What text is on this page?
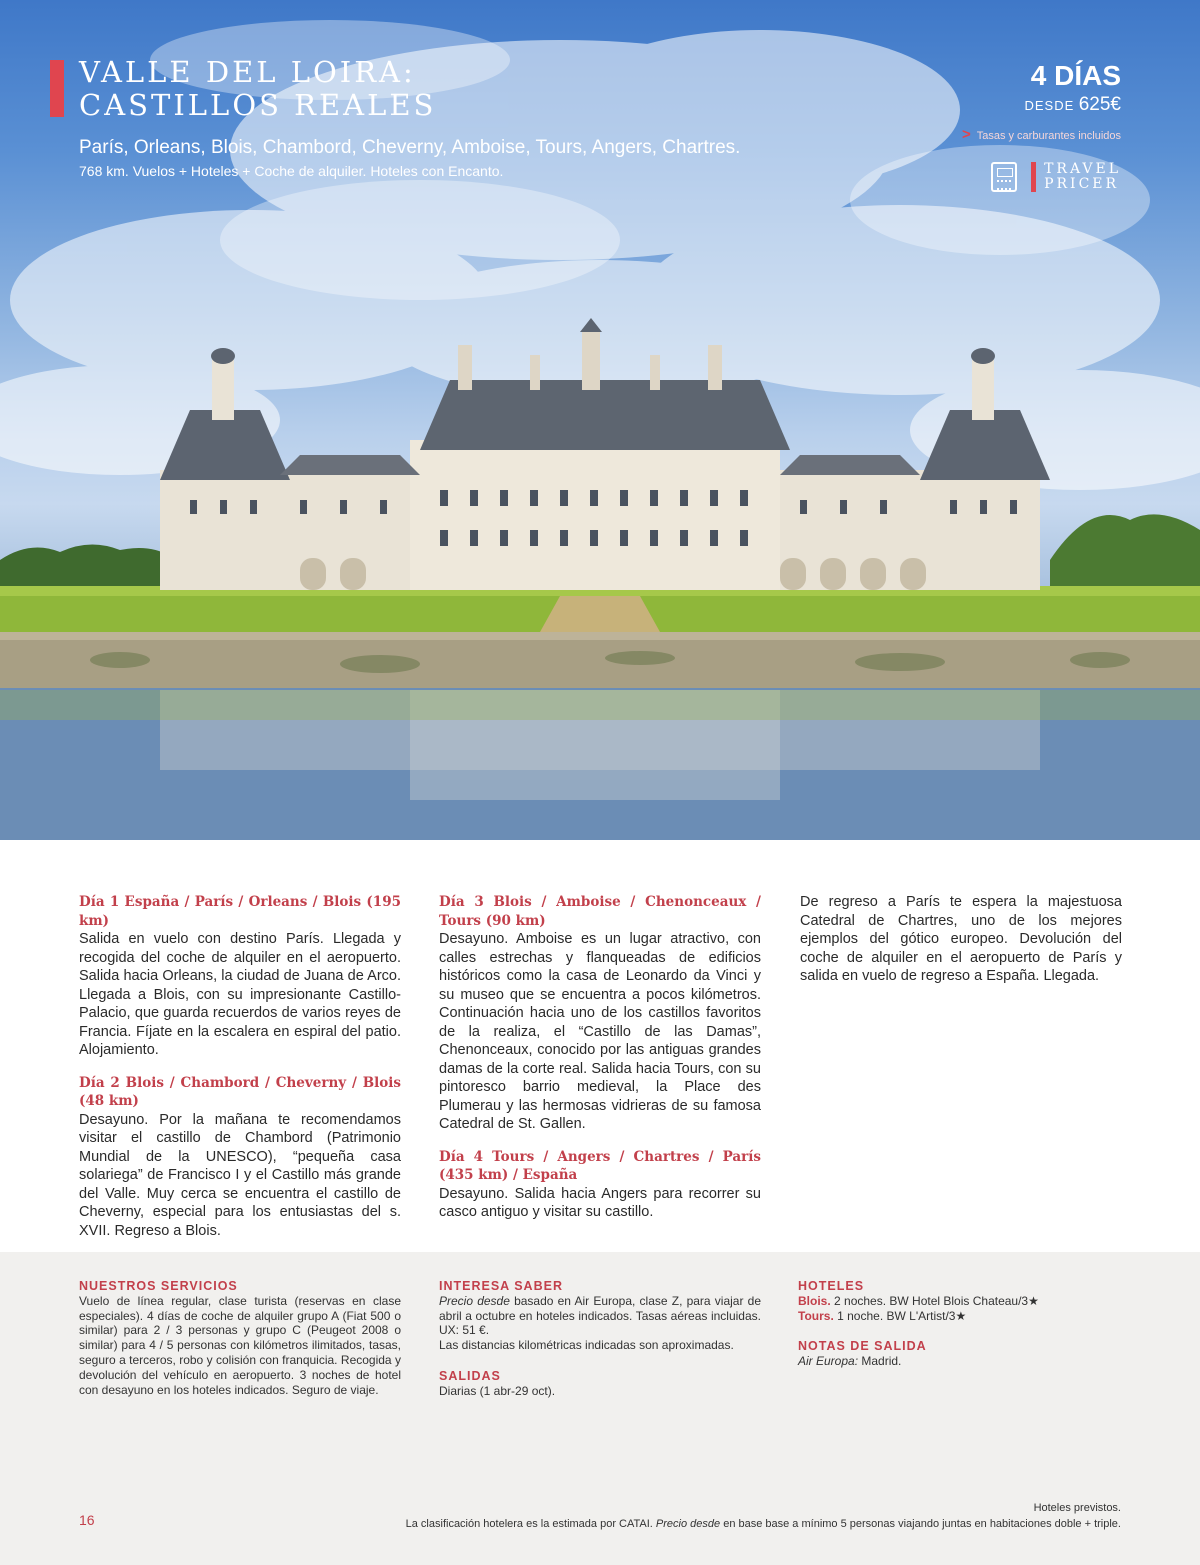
VALLE DEL LOIRA:
CASTILLOS REALES
París, Orleans, Blois, Chambord, Cheverny, Amboise, Tours, Angers, Chartres.
768 km. Vuelos + Hoteles + Coche de alquiler. Hoteles con Encanto.
4 DÍAS
DESDE 625€
> Tasas y carburantes incluidos
TRAVEL
PRICER
Día 1 España / París / Orleans / Blois (195 km)

Salida en vuelo con destino París. Llegada y recogida del coche de alquiler en el aeropuerto. Salida hacia Orleans, la ciudad de Juana de Arco. Llegada a Blois, con su impresionante Castillo-Palacio, que guarda recuerdos de varios reyes de Francia. Fíjate en la escalera en espiral del patio. Alojamiento.

Día 2 Blois / Chambord / Cheverny / Blois (48 km)

Desayuno. Por la mañana te recomendamos visitar el castillo de Chambord (Patrimonio Mundial de la UNESCO), “pequeña casa solariega” de Francisco I y el Castillo más grande del Valle. Muy cerca se encuentra el castillo de Cheverny, especial para los entusiastas del s. XVII. Regreso a Blois.

Día 3 Blois / Amboise / Chenonceaux / Tours (90 km)

Desayuno. Amboise es un lugar atractivo, con calles estrechas y flanqueadas de edificios históricos como la casa de Leonardo da Vinci y su museo que se encuentra a pocos kilómetros. Continuación hacia uno de los castillos favoritos de la realiza, el “Castillo de las Damas”, Chenonceaux, conocido por las antiguas grandes damas de la corte real. Salida hacia Tours, con su pintoresco barrio medieval, la Place des Plumerau y las hermosas vidrieras de su famosa Catedral de St. Gallen.

Día 4 Tours / Angers / Chartres / París (435 km) / España

Desayuno. Salida hacia Angers para recorrer su casco antiguo y visitar su castillo.

De regreso a París te espera la majestuosa Catedral de Chartres, uno de los mejores ejemplos del gótico europeo. Devolución del coche de alquiler en el aeropuerto de París y salida en vuelo de regreso a España. Llegada.

NUESTROS SERVICIOS

Vuelo de línea regular, clase turista (reservas en clase especiales). 4 días de coche de alquiler grupo A (Fiat 500 o similar) para 2 / 3 personas y grupo C (Peugeot 2008 o similar) para 4 / 5 personas con kilómetros ilimitados, tasas, seguro a terceros, robo y colisión con franquicia. Recogida y devolución del vehículo en aeropuerto. 3 noches de hotel con desayuno en los hoteles indicados. Seguro de viaje.

INTERESA SABER

Precio desde basado en Air Europa, clase Z, para viajar de abril a octubre en hoteles indicados. Tasas aéreas incluidas. UX: 51 €.

Las distancias kilométricas indicadas son aproximadas.

SALIDAS

Diarias (1 abr-29 oct).

HOTELES

Blois. 2 noches. BW Hotel Blois Chateau/3★

Tours. 1 noche. BW L'Artist/3★

NOTAS DE SALIDA

Air Europa: Madrid.

16
Hoteles previstos.
La clasificación hotelera es la estimada por CATAI. Precio desde en base base a mínimo 5 personas viajando juntas en habitaciones doble + triple.
